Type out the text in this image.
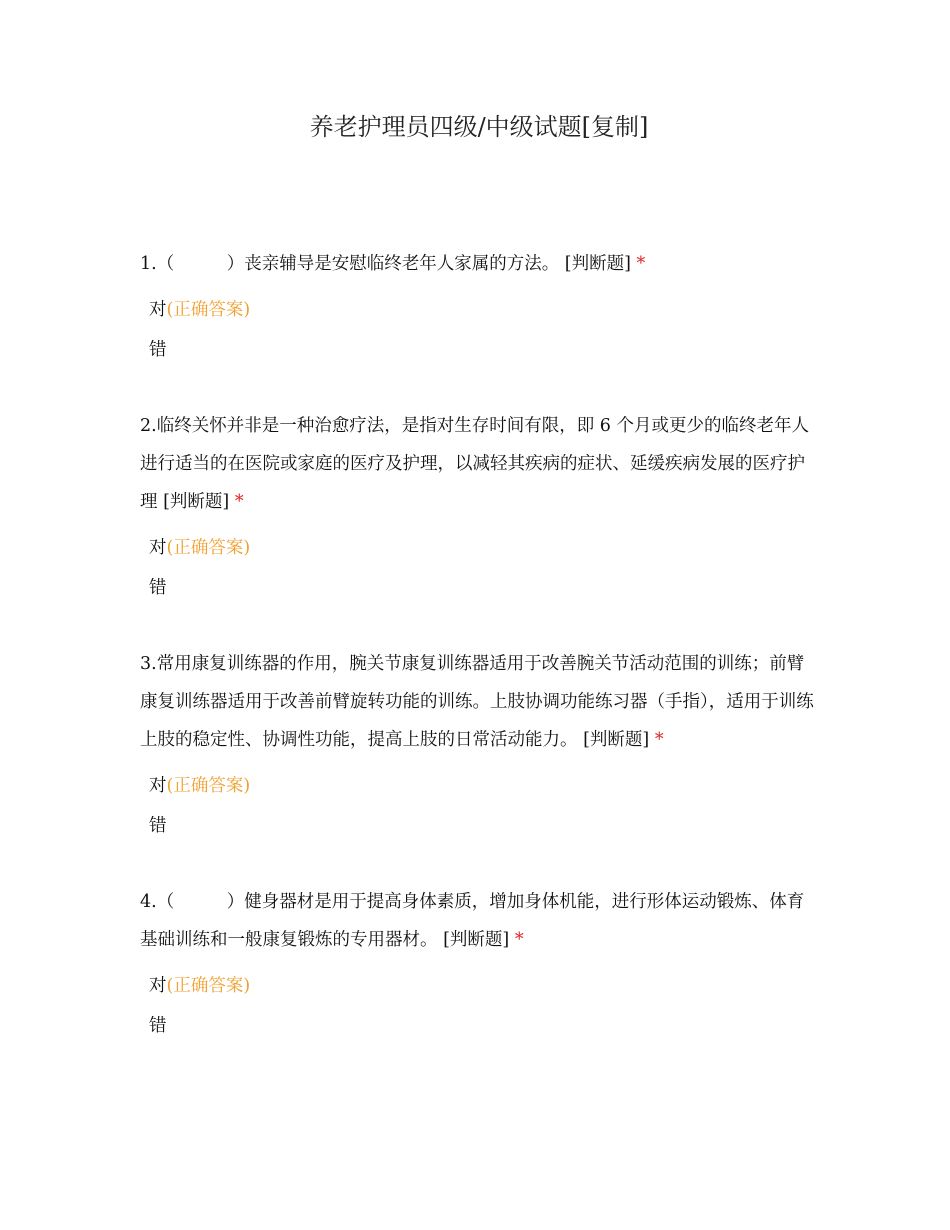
养老护理员四级/中级试题[复制]
1.（　　　）丧亲辅导是安慰临终老年人家属的方法。 [判断题] *
对(正确答案)
错
2.临终关怀并非是一种治愈疗法，是指对生存时间有限，即 6 个月或更少的临终老年人进行适当的在医院或家庭的医疗及护理，以减轻其疾病的症状、延缓疾病发展的医疗护理 [判断题] *
对(正确答案)
错
3.常用康复训练器的作用，腕关节康复训练器适用于改善腕关节活动范围的训练；前臂康复训练器适用于改善前臂旋转功能的训练。上肢协调功能练习器（手指），适用于训练上肢的稳定性、协调性功能，提高上肢的日常活动能力。 [判断题] *
对(正确答案)
错
4.（　　　）健身器材是用于提高身体素质，增加身体机能，进行形体运动锻炼、体育基础训练和一般康复锻炼的专用器材。 [判断题] *
对(正确答案)
错
